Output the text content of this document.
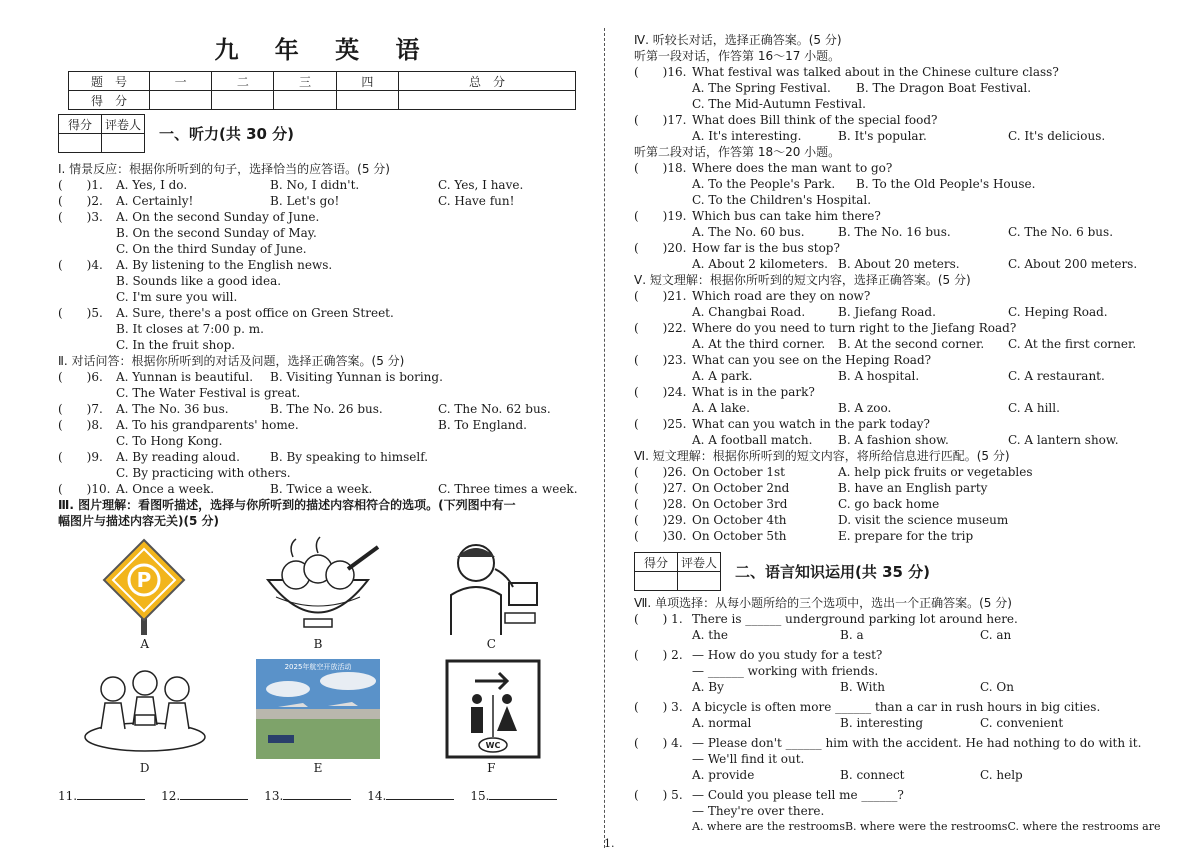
九 年 英 语
题　号	一	二	三	四	总　分
得　分					
得分	评卷人

一、听力(共 30 分)
Ⅰ. 情景反应：根据你所听到的句子，选择恰当的应答语。(5 分)
(　　)1.	A. Yes, I do.	B. No, I didn't.	C. Yes, I have.
(　　)2.	A. Certainly!	B. Let's go!	C. Have fun!
(　　)3.	A. On the second Sunday of June.
B. On the second Sunday of May.
C. On the third Sunday of June.
(　　)4.	A. By listening to the English news.
B. Sounds like a good idea.
C. I'm sure you will.
(　　)5.	A. Sure, there's a post office on Green Street.
B. It closes at 7:00 p. m.
C. In the fruit shop.
Ⅱ. 对话问答：根据你所听到的对话及问题，选择正确答案。(5 分)
(　　)6.	A. Yunnan is beautiful.	B. Visiting Yunnan is boring.
C. The Water Festival is great.
(　　)7.	A. The No. 36 bus.	B. The No. 26 bus.	C. The No. 62 bus.
(　　)8.	A. To his grandparents' home.	B. To England.
C. To Hong Kong.
(　　)9.	A. By reading aloud.	B. By speaking to himself.
C. By practicing with others.
(　　)10. A. Once a week.	B. Twice a week.	C. Three times a week.
Ⅲ. 图片理解：看图听描述，选择与你所听到的描述内容相符合的选项。(下列图中有一
幅图片与描述内容无关)(5 分)
P
A	B	C
D
2025年航空开放活动
E
WC
F
11.	12.	13.	14.	15.
Ⅳ. 听较长对话，选择正确答案。(5 分)
听第一段对话，作答第 16～17 小题。
(　　)16. What festival was talked about in the Chinese culture class?
A. The Spring Festival.	B. The Dragon Boat Festival.
C. The Mid-Autumn Festival.
(　　)17. What does Bill think of the special food?
A. It's interesting.	B. It's popular.	C. It's delicious.
听第二段对话，作答第 18～20 小题。
(　　)18. Where does the man want to go?
A. To the People's Park.	B. To the Old People's House.
C. To the Children's Hospital.
(　　)19. Which bus can take him there?
A. The No. 60 bus.	B. The No. 16 bus.	C. The No. 6 bus.
(　　)20. How far is the bus stop?
A. About 2 kilometers. B. About 20 meters.	C. About 200 meters.
Ⅴ. 短文理解：根据你所听到的短文内容，选择正确答案。(5 分)
(　　)21. Which road are they on now?
A. Changbai Road.	B. Jiefang Road.	C. Heping Road.
(　　)22. Where do you need to turn right to the Jiefang Road?
A. At the third corner.	B. At the second corner.	C. At the first corner.
(　　)23. What can you see on the Heping Road?
A. A park.	B. A hospital.	C. A restaurant.
(　　)24. What is in the park?
A. A lake.	B. A zoo.	C. A hill.
(　　)25. What can you watch in the park today?
A. A football match.	B. A fashion show.	C. A lantern show.
Ⅵ. 短文理解：根据你所听到的短文内容，将所给信息进行匹配。(5 分)
(　　)26. On October 1st	A. help pick fruits or vegetables
(　　)27. On October 2nd	B. have an English party
(　　)28. On October 3rd	C. go back home
(　　)29. On October 4th	D. visit the science museum
(　　)30. On October 5th	E. prepare for the trip
得分	评卷人

二、语言知识运用(共 35 分)
Ⅶ. 单项选择：从每小题所给的三个选项中，选出一个正确答案。(5 分)
(　　) 1. There is ______ underground parking lot around here.
A. the	B. a	C. an
(　　) 2. — How do you study for a test?
— ______ working with friends.
A. By	B. With	C. On
(　　) 3. A bicycle is often more ______ than a car in rush hours in big cities.
A. normal	B. interesting	C. convenient
(　　) 4. — Please don't ______ him with the accident. He had nothing to do with it.
— We'll find it out.
A. provide	B. connect	C. help
(　　) 5. — Could you please tell me ______?
— They're over there.
A. where are the restrooms B. where were the restrooms C. where the restrooms are
1.
